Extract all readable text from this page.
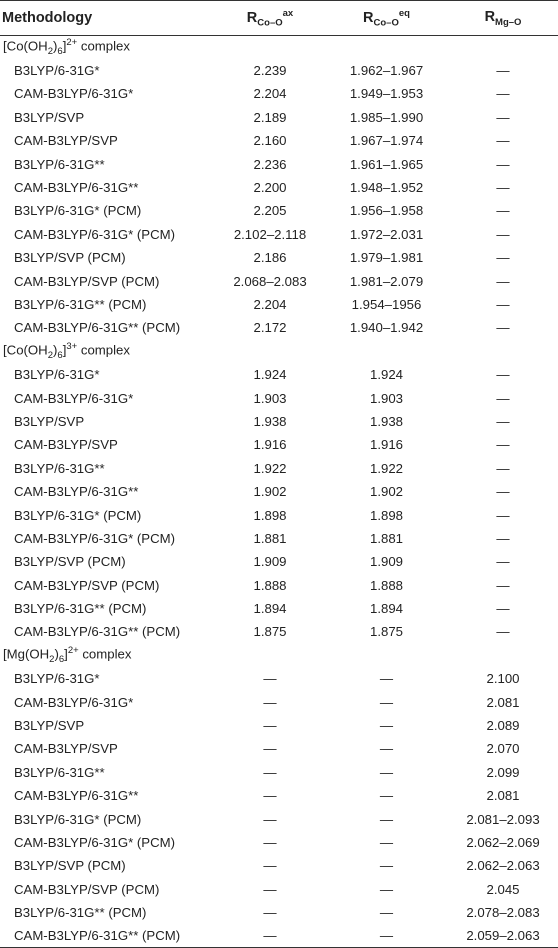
Methodology	$R_{Co-O}^{ax}$	$R_{Co-O}^{eq}$	$R_{Mg-O}$
$[Co(OH_2)_6]^{2+}$ complex			
B3LYP/6-31G*	2.239	1.962–1.967	—
CAM-B3LYP/6-31G*	2.204	1.949–1.953	—
B3LYP/SVP	2.189	1.985–1.990	—
CAM-B3LYP/SVP	2.160	1.967–1.974	—
B3LYP/6-31G**	2.236	1.961–1.965	—
CAM-B3LYP/6-31G**	2.200	1.948–1.952	—
B3LYP/6-31G* (PCM)	2.205	1.956–1.958	—
CAM-B3LYP/6-31G* (PCM)	2.102–2.118	1.972–2.031	—
B3LYP/SVP (PCM)	2.186	1.979–1.981	—
CAM-B3LYP/SVP (PCM)	2.068–2.083	1.981–2.079	—
B3LYP/6-31G** (PCM)	2.204	1.954–1956	—
CAM-B3LYP/6-31G** (PCM)	2.172	1.940–1.942	—
$[Co(OH_2)_6]^{3+}$ complex			
B3LYP/6-31G*	1.924	1.924	—
CAM-B3LYP/6-31G*	1.903	1.903	—
B3LYP/SVP	1.938	1.938	—
CAM-B3LYP/SVP	1.916	1.916	—
B3LYP/6-31G**	1.922	1.922	—
CAM-B3LYP/6-31G**	1.902	1.902	—
B3LYP/6-31G* (PCM)	1.898	1.898	—
CAM-B3LYP/6-31G* (PCM)	1.881	1.881	—
B3LYP/SVP (PCM)	1.909	1.909	—
CAM-B3LYP/SVP (PCM)	1.888	1.888	—
B3LYP/6-31G** (PCM)	1.894	1.894	—
CAM-B3LYP/6-31G** (PCM)	1.875	1.875	—
$[Mg(OH_2)_6]^{2+}$ complex			
B3LYP/6-31G*	—	—	2.100
CAM-B3LYP/6-31G*	—	—	2.081
B3LYP/SVP	—	—	2.089
CAM-B3LYP/SVP	—	—	2.070
B3LYP/6-31G**	—	—	2.099
CAM-B3LYP/6-31G**	—	—	2.081
B3LYP/6-31G* (PCM)	—	—	2.081–2.093
CAM-B3LYP/6-31G* (PCM)	—	—	2.062–2.069
B3LYP/SVP (PCM)	—	—	2.062–2.063
CAM-B3LYP/SVP (PCM)	—	—	2.045
B3LYP/6-31G** (PCM)	—	—	2.078–2.083
CAM-B3LYP/6-31G** (PCM)	—	—	2.059–2.063
